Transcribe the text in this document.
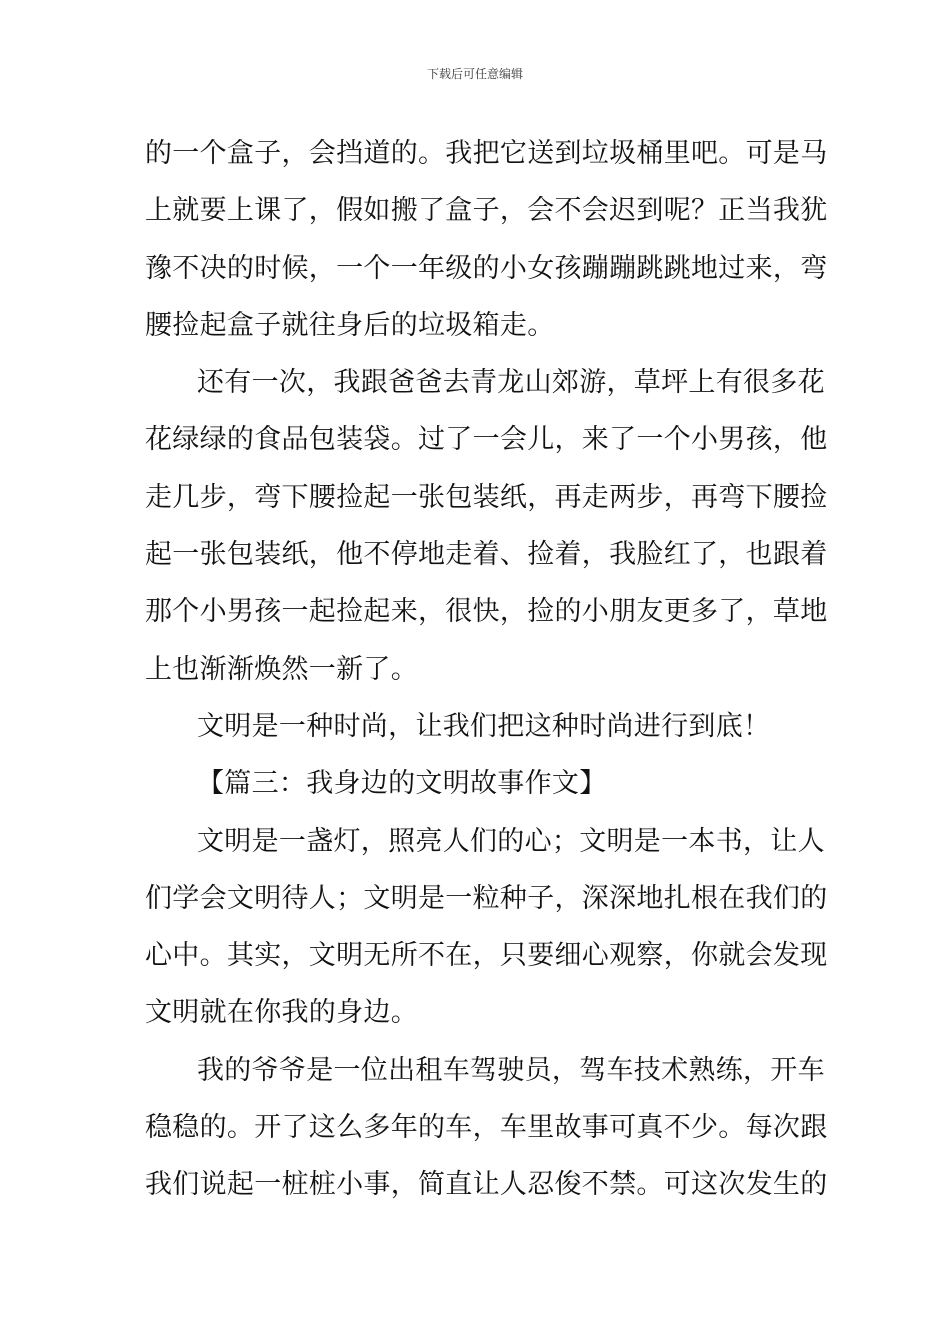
下载后可任意编辑
的一个盒子，会挡道的。我把它送到垃圾桶里吧。可是马
上就要上课了，假如搬了盒子，会不会迟到呢？正当我犹
豫不决的时候，一个一年级的小女孩蹦蹦跳跳地过来，弯
腰捡起盒子就往身后的垃圾箱走。
还有一次，我跟爸爸去青龙山郊游，草坪上有很多花
花绿绿的食品包装袋。过了一会儿，来了一个小男孩，他
走几步，弯下腰捡起一张包装纸，再走两步，再弯下腰捡
起一张包装纸，他不停地走着、捡着，我脸红了，也跟着
那个小男孩一起捡起来，很快，捡的小朋友更多了，草地
上也渐渐焕然一新了。
文明是一种时尚，让我们把这种时尚进行到底！
【篇三：我身边的文明故事作文】
文明是一盏灯，照亮人们的心；文明是一本书，让人
们学会文明待人；文明是一粒种子，深深地扎根在我们的
心中。其实，文明无所不在，只要细心观察，你就会发现
文明就在你我的身边。
我的爷爷是一位出租车驾驶员，驾车技术熟练，开车
稳稳的。开了这么多年的车，车里故事可真不少。每次跟
我们说起一桩桩小事，简直让人忍俊不禁。可这次发生的
